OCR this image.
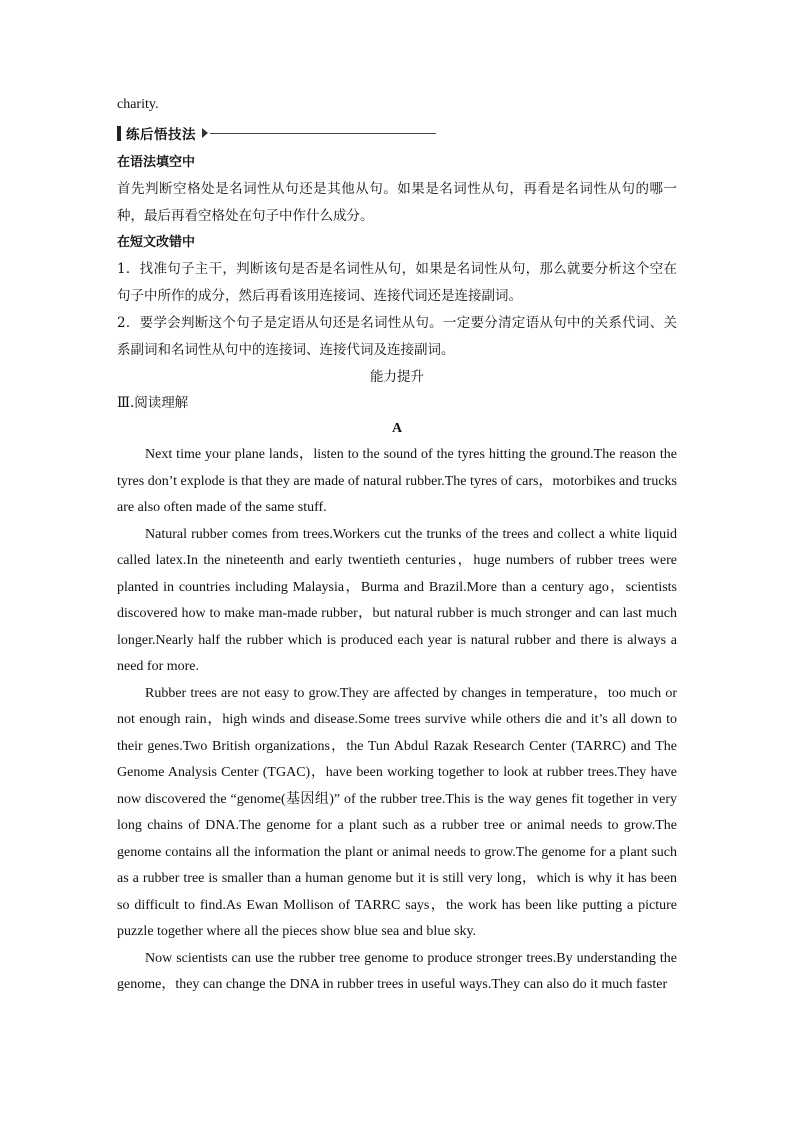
charity.
练后悟技法
在语法填空中
首先判断空格处是名词性从句还是其他从句。如果是名词性从句，再看是名词性从句的哪一种，最后再看空格处在句子中作什么成分。
在短文改错中
1．找准句子主干，判断该句是否是名词性从句，如果是名词性从句，那么就要分析这个空在句子中所作的成分，然后再看该用连接词、连接代词还是连接副词。
2．要学会判断这个句子是定语从句还是名词性从句。一定要分清定语从句中的关系代词、关系副词和名词性从句中的连接词、连接代词及连接副词。
能力提升
Ⅲ.阅读理解
A

Next time your plane lands，listen to the sound of the tyres hitting the ground.The reason the tyres don’t explode is that they are made of natural rubber.The tyres of cars，motorbikes and trucks are also often made of the same stuff.

Natural rubber comes from trees.Workers cut the trunks of the trees and collect a white liquid called latex.In the nineteenth and early twentieth centuries，huge numbers of rubber trees were planted in countries including Malaysia，Burma and Brazil.More than a century ago，scientists discovered how to make man-made rubber，but natural rubber is much stronger and can last much longer.Nearly half the rubber which is produced each year is natural rubber and there is always a need for more.

Rubber trees are not easy to grow.They are affected by changes in temperature，too much or not enough rain，high winds and disease.Some trees survive while others die and it’s all down to their genes.Two British organizations，the Tun Abdul Razak Research Center (TARRC) and The Genome Analysis Center (TGAC)，have been working together to look at rubber trees.They have now discovered the “genome(基因组)” of the rubber tree.This is the way genes fit together in very long chains of DNA.The genome for a plant such as a rubber tree or animal needs to grow.The genome contains all the information the plant or animal needs to grow.The genome for a plant such as a rubber tree is smaller than a human genome but it is still very long，which is why it has been so difficult to find.As Ewan Mollison of TARRC says，the work has been like putting a picture puzzle together where all the pieces show blue sea and blue sky.

Now scientists can use the rubber tree genome to produce stronger trees.By understanding the genome，they can change the DNA in rubber trees in useful ways.They can also do it much faster
